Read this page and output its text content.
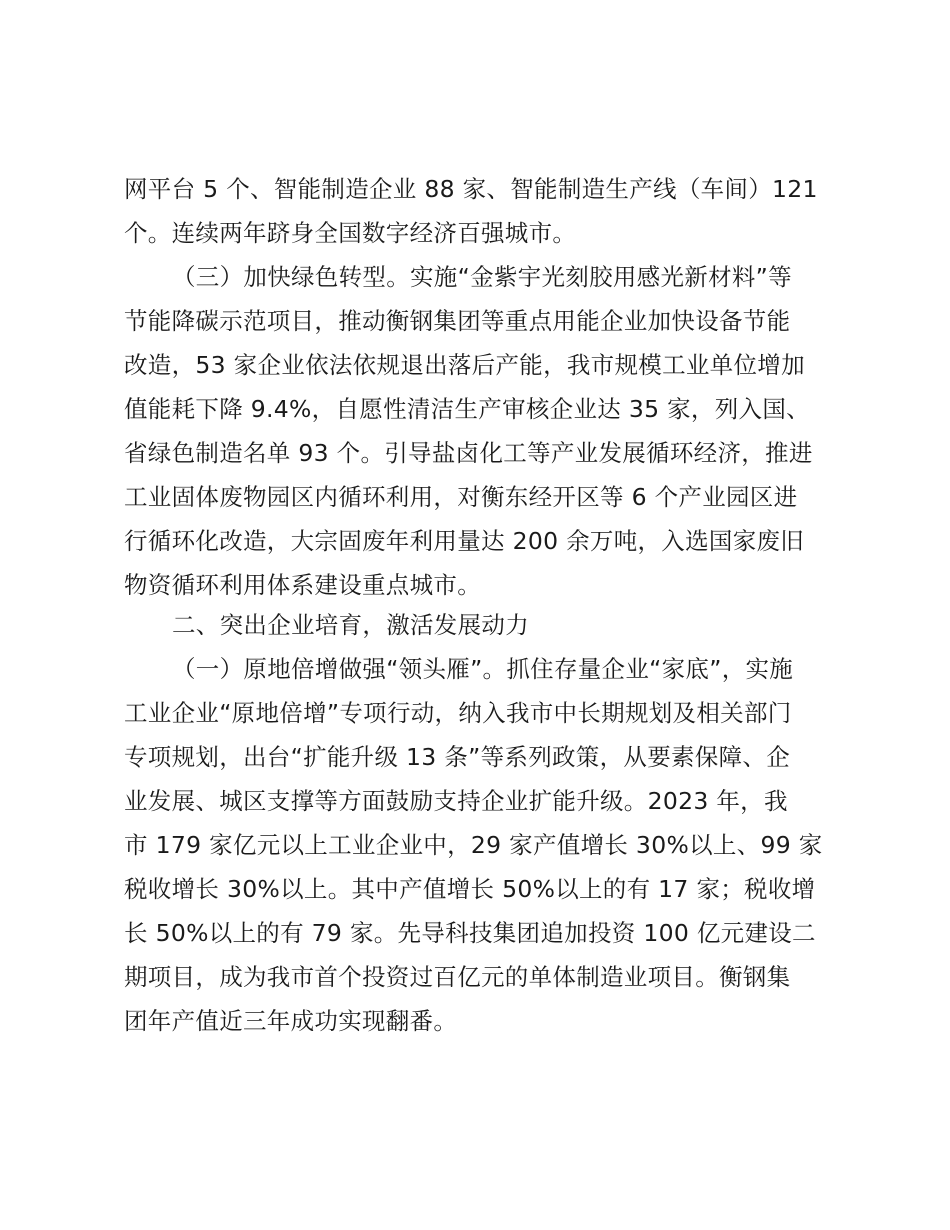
网平台 5 个、智能制造企业 88 家、智能制造生产线（车间）121
个。连续两年跻身全国数字经济百强城市。
（三）加快绿色转型。实施“金紫宇光刻胶用感光新材料”等
节能降碳示范项目，推动衡钢集团等重点用能企业加快设备节能
改造，53 家企业依法依规退出落后产能，我市规模工业单位增加
值能耗下降 9.4%，自愿性清洁生产审核企业达 35 家，列入国、
省绿色制造名单 93 个。引导盐卤化工等产业发展循环经济，推进
工业固体废物园区内循环利用，对衡东经开区等 6 个产业园区进
行循环化改造，大宗固废年利用量达 200 余万吨，入选国家废旧
物资循环利用体系建设重点城市。
二、突出企业培育，激活发展动力
（一）原地倍增做强“领头雁”。抓住存量企业“家底”，实施
工业企业“原地倍增”专项行动，纳入我市中长期规划及相关部门
专项规划，出台“扩能升级 13 条”等系列政策，从要素保障、企
业发展、城区支撑等方面鼓励支持企业扩能升级。2023 年，我
市 179 家亿元以上工业企业中，29 家产值增长 30%以上、99 家
税收增长 30%以上。其中产值增长 50%以上的有 17 家；税收增
长 50%以上的有 79 家。先导科技集团追加投资 100 亿元建设二
期项目，成为我市首个投资过百亿元的单体制造业项目。衡钢集
团年产值近三年成功实现翻番。
